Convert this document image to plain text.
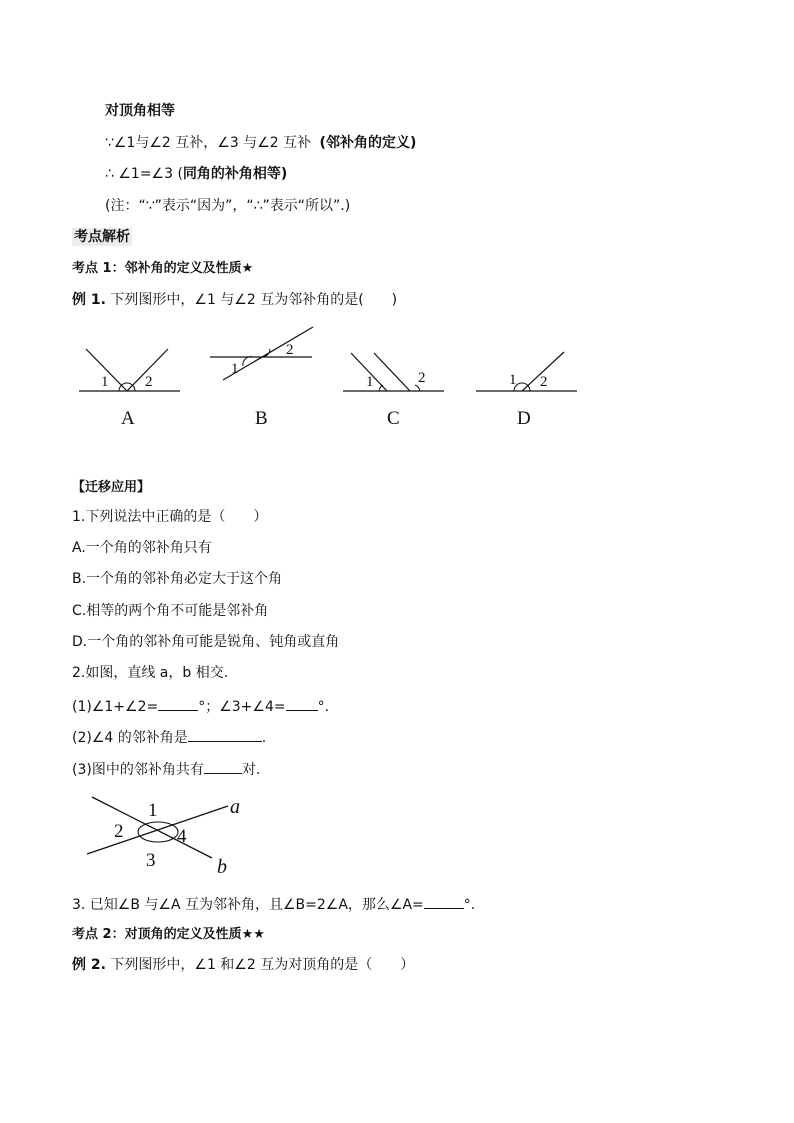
对顶角相等
∵∠1与∠2 互补，∠3 与∠2 互补 (邻补角的定义)
∴ ∠1=∠3 (同角的补角相等)
(注：“∵”表示“因为”，“∴”表示“所以”.)
考点解析
考点 1：邻补角的定义及性质★
例 1. 下列图形中，∠1 与∠2 互为邻补角的是(　　)
1 2
A
1
2
B
1	2
C
1 2
D
【迁移应用】
1.下列说法中正确的是（　　）
A.一个角的邻补角只有
B.一个角的邻补角必定大于这个角
C.相等的两个角不可能是邻补角
D.一个角的邻补角可能是锐角、钝角或直角
2.如图，直线 a，b 相交.
(1)∠1+∠2=	°；∠3+∠4= °.
(2)∠4 的邻补角是	.
(3)图中的邻补角共有	对.
a
b
1
2
3
4
3. 已知∠B 与∠A 互为邻补角，且∠B=2∠A，那么∠A=	°.
考点 2：对顶角的定义及性质★★
例 2. 下列图形中，∠1 和∠2 互为对顶角的是（　　）
